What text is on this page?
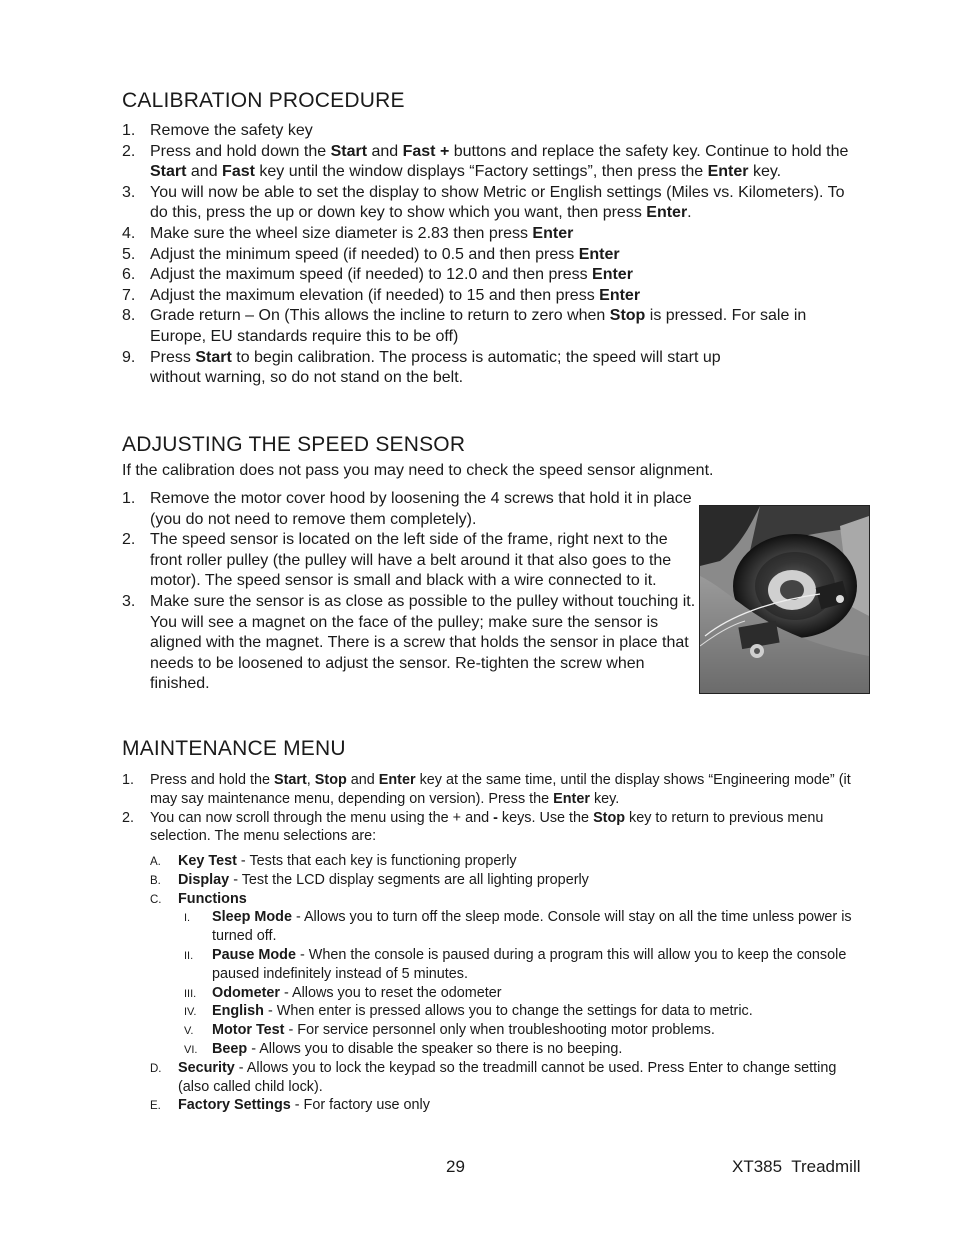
CALIBRATION PROCEDURE
1. Remove the safety key
2. Press and hold down the Start and Fast + buttons and replace the safety key. Continue to hold the Start and Fast key until the window displays “Factory settings”, then press the Enter key.
3. You will now be able to set the display to show Metric or English settings (Miles vs. Kilometers). To do this, press the up or down key to show which you want, then press Enter.
4. Make sure the wheel size diameter is 2.83 then press Enter
5. Adjust the minimum speed (if needed) to 0.5 and then press Enter
6. Adjust the maximum speed (if needed) to 12.0 and then press Enter
7. Adjust the maximum elevation (if needed) to 15 and then press Enter
8. Grade return – On (This allows the incline to return to zero when Stop is pressed. For sale in Europe, EU standards require this to be off)
9. Press Start to begin calibration. The process is automatic; the speed will start up
without warning, so do not stand on the belt.
ADJUSTING THE SPEED SENSOR
If the calibration does not pass you may need to check the speed sensor alignment.
1. Remove the motor cover hood by loosening the 4 screws that hold it in place (you do not need to remove them completely).
2. The speed sensor is located on the left side of the frame, right next to the front roller pulley (the pulley will have a belt around it that also goes to the motor). The speed sensor is small and black with a wire connected to it.
3. Make sure the sensor is as close as possible to the pulley without touching it. You will see a magnet on the face of the pulley; make sure the sensor is aligned with the magnet. There is a screw that holds the sensor in place that needs to be loosened to adjust the sensor. Re-tighten the screw when finished.
MAINTENANCE MENU
1. Press and hold the Start, Stop and Enter key at the same time, until the display shows “Engineering mode” (it may say maintenance menu, depending on version). Press the Enter key.
2. You can now scroll through the menu using the + and - keys. Use the Stop key to return to previous menu selection. The menu selections are:
A. Key Test - Tests that each key is functioning properly
B. Display - Test the LCD display segments are all lighting properly
C. Functions
I. Sleep Mode - Allows you to turn off the sleep mode. Console will stay on all the time unless power is turned off.
II. Pause Mode - When the console is paused during a program this will allow you to keep the console paused indefinitely instead of 5 minutes.
III. Odometer - Allows you to reset the odometer
IV. English - When enter is pressed allows you to change the settings for data to metric.
V. Motor Test - For service personnel only when troubleshooting motor problems.
VI. Beep - Allows you to disable the speaker so there is no beeping.
D. Security - Allows you to lock the keypad so the treadmill cannot be used. Press Enter to change setting (also called child lock).
E. Factory Settings - For factory use only
29	XT385  Treadmill
